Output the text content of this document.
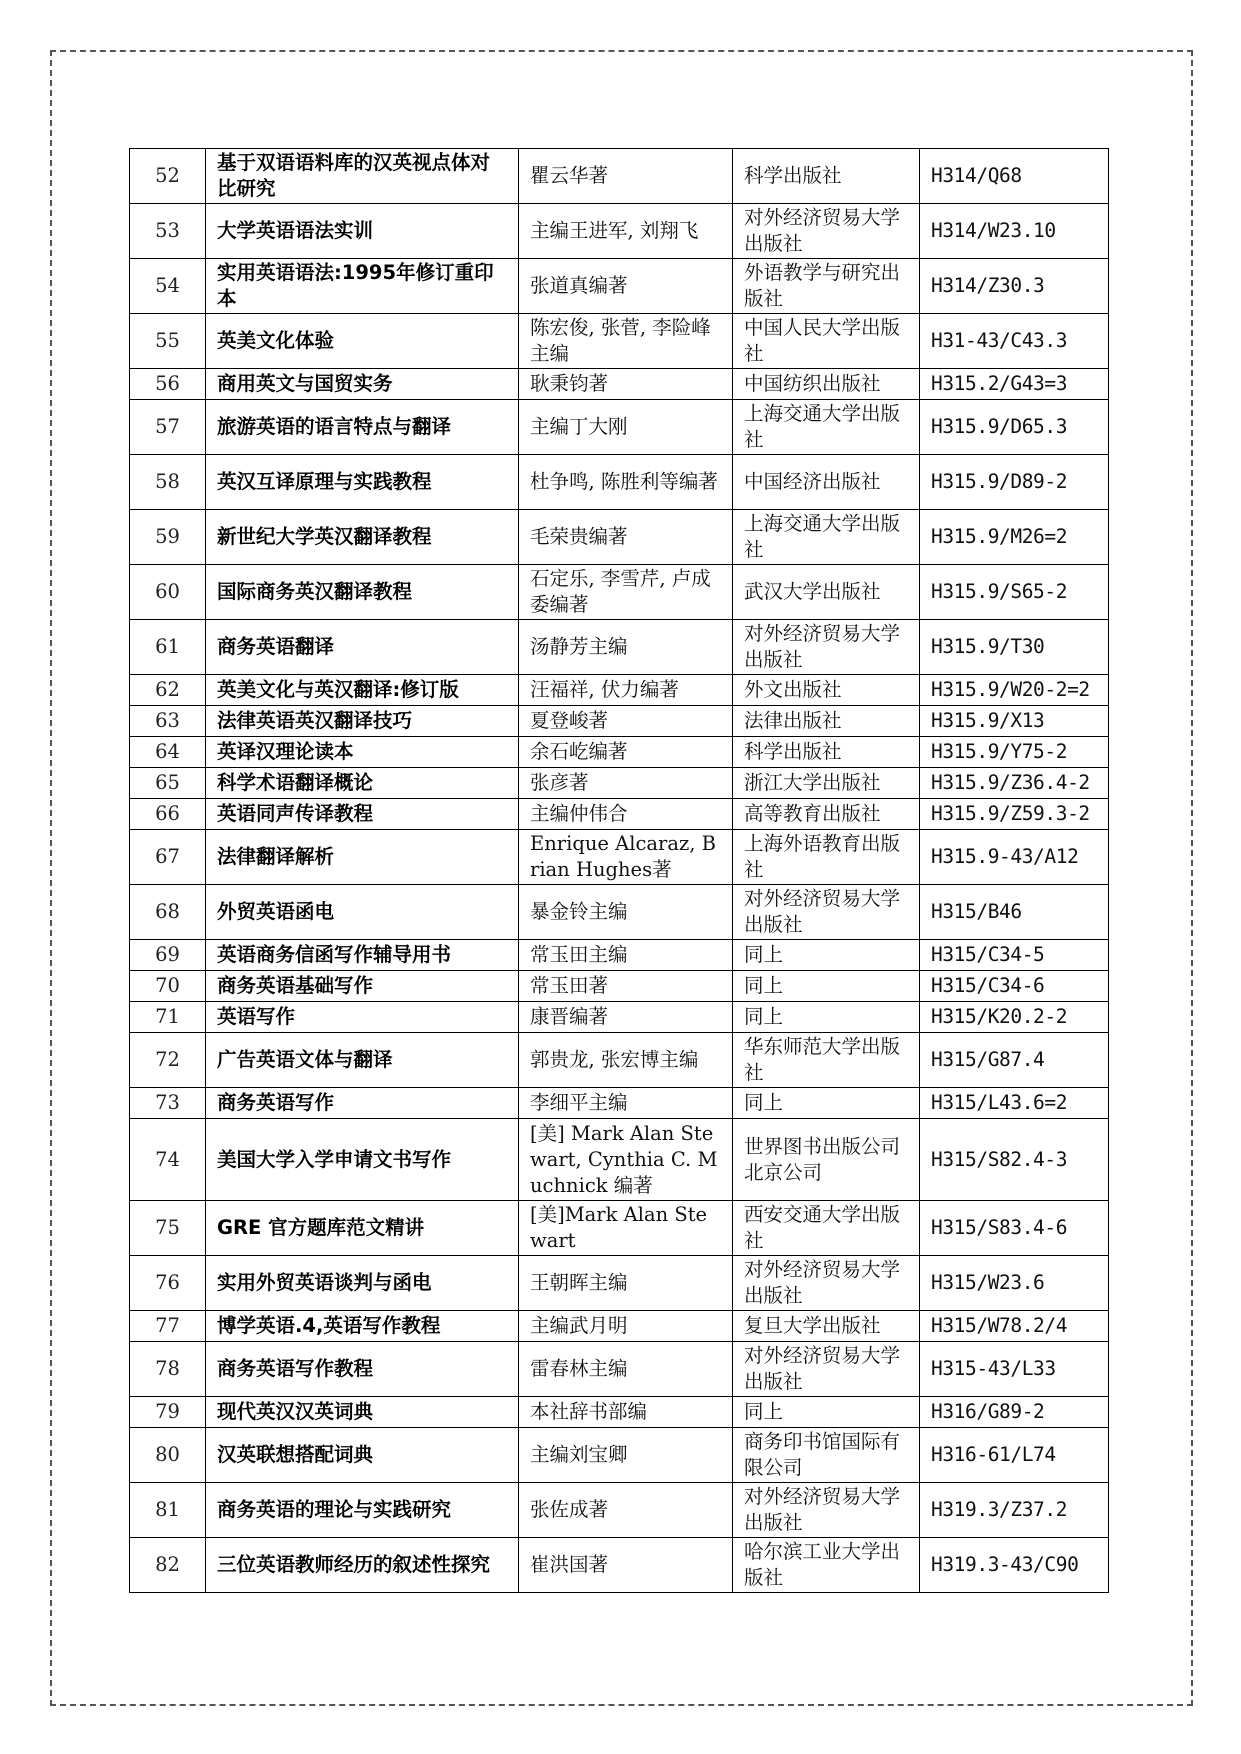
52	基于双语语料库的汉英视点体对比研究	瞿云华著	科学出版社	H314/Q68
53	大学英语语法实训	主编王进军, 刘翔飞	对外经济贸易大学出版社	H314/W23.10
54	实用英语语法:1995年修订重印本	张道真编著	外语教学与研究出版社	H314/Z30.3
55	英美文化体验	陈宏俊, 张菅, 李险峰主编	中国人民大学出版社	H31-43/C43.3
56	商用英文与国贸实务	耿秉钧著	中国纺织出版社	H315.2/G43=3
57	旅游英语的语言特点与翻译	主编丁大刚	上海交通大学出版社	H315.9/D65.3
58	英汉互译原理与实践教程	杜争鸣, 陈胜利等编著	中国经济出版社	H315.9/D89-2
59	新世纪大学英汉翻译教程	毛荣贵编著	上海交通大学出版社	H315.9/M26=2
60	国际商务英汉翻译教程	石定乐, 李雪芹, 卢成委编著	武汉大学出版社	H315.9/S65-2
61	商务英语翻译	汤静芳主编	对外经济贸易大学出版社	H315.9/T30
62	英美文化与英汉翻译:修订版	汪福祥, 伏力编著	外文出版社	H315.9/W20-2=2
63	法律英语英汉翻译技巧	夏登峻著	法律出版社	H315.9/X13
64	英译汉理论读本	余石屹编著	科学出版社	H315.9/Y75-2
65	科学术语翻译概论	张彦著	浙江大学出版社	H315.9/Z36.4-2
66	英语同声传译教程	主编仲伟合	高等教育出版社	H315.9/Z59.3-2
67	法律翻译解析	Enrique Alcaraz, Brian Hughes著	上海外语教育出版社	H315.9-43/A12
68	外贸英语函电	暴金铃主编	对外经济贸易大学出版社	H315/B46
69	英语商务信函写作辅导用书	常玉田主编	同上	H315/C34-5
70	商务英语基础写作	常玉田著	同上	H315/C34-6
71	英语写作	康晋编著	同上	H315/K20.2-2
72	广告英语文体与翻译	郭贵龙, 张宏博主编	华东师范大学出版社	H315/G87.4
73	商务英语写作	李细平主编	同上	H315/L43.6=2
74	美国大学入学申请文书写作	[美] Mark Alan Stewart, Cynthia C. Muchnick 编著	世界图书出版公司北京公司	H315/S82.4-3
75	GRE 官方题库范文精讲	[美]Mark Alan Stewart	西安交通大学出版社	H315/S83.4-6
76	实用外贸英语谈判与函电	王朝晖主编	对外经济贸易大学出版社	H315/W23.6
77	博学英语.4,英语写作教程	主编武月明	复旦大学出版社	H315/W78.2/4
78	商务英语写作教程	雷春林主编	对外经济贸易大学出版社	H315-43/L33
79	现代英汉汉英词典	本社辞书部编	同上	H316/G89-2
80	汉英联想搭配词典	主编刘宝卿	商务印书馆国际有限公司	H316-61/L74
81	商务英语的理论与实践研究	张佐成著	对外经济贸易大学出版社	H319.3/Z37.2
82	三位英语教师经历的叙述性探究	崔洪国著	哈尔滨工业大学出版社	H319.3-43/C90
